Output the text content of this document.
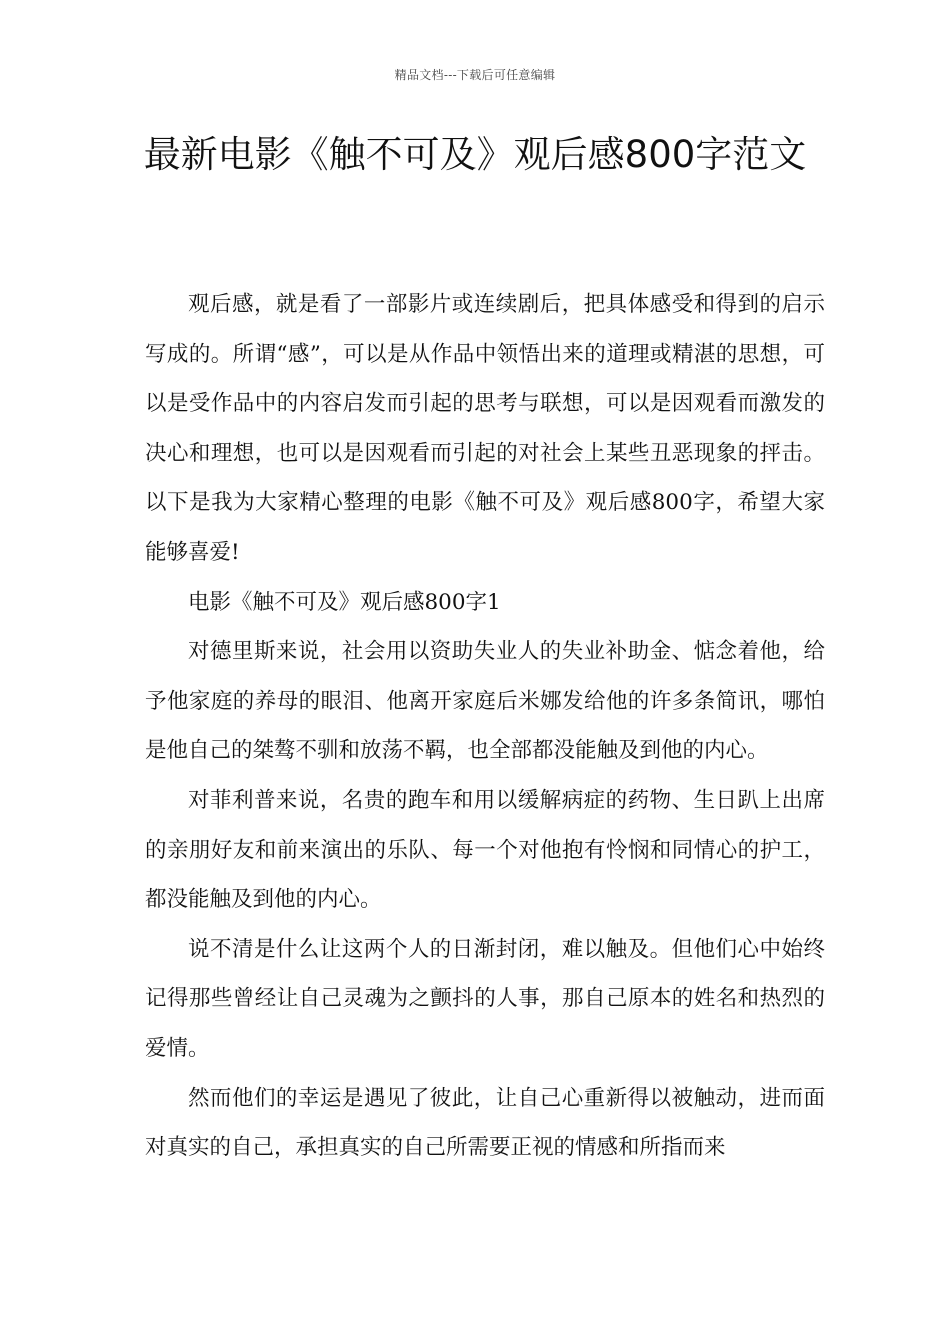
精品文档---下载后可任意编辑
最新电影《触不可及》观后感800字范文

观后感，就是看了一部影片或连续剧后，把具体感受和得到的启示写成的。所谓“感”，可以是从作品中领悟出来的道理或精湛的思想，可以是受作品中的内容启发而引起的思考与联想，可以是因观看而激发的决心和理想，也可以是因观看而引起的对社会上某些丑恶现象的抨击。以下是我为大家精心整理的电影《触不可及》观后感800字，希望大家能够喜爱!

电影《触不可及》观后感800字1

对德里斯来说，社会用以资助失业人的失业补助金、惦念着他，给予他家庭的养母的眼泪、他离开家庭后米娜发给他的许多条简讯，哪怕是他自己的桀骜不驯和放荡不羁，也全部都没能触及到他的内心。

对菲利普来说，名贵的跑车和用以缓解病症的药物、生日趴上出席的亲朋好友和前来演出的乐队、每一个对他抱有怜悯和同情心的护工，都没能触及到他的内心。

说不清是什么让这两个人的日渐封闭，难以触及。但他们心中始终记得那些曾经让自己灵魂为之颤抖的人事，那自己原本的姓名和热烈的爱情。

然而他们的幸运是遇见了彼此，让自己心重新得以被触动，进而面对真实的自己，承担真实的自己所需要正视的情感和所指而来
